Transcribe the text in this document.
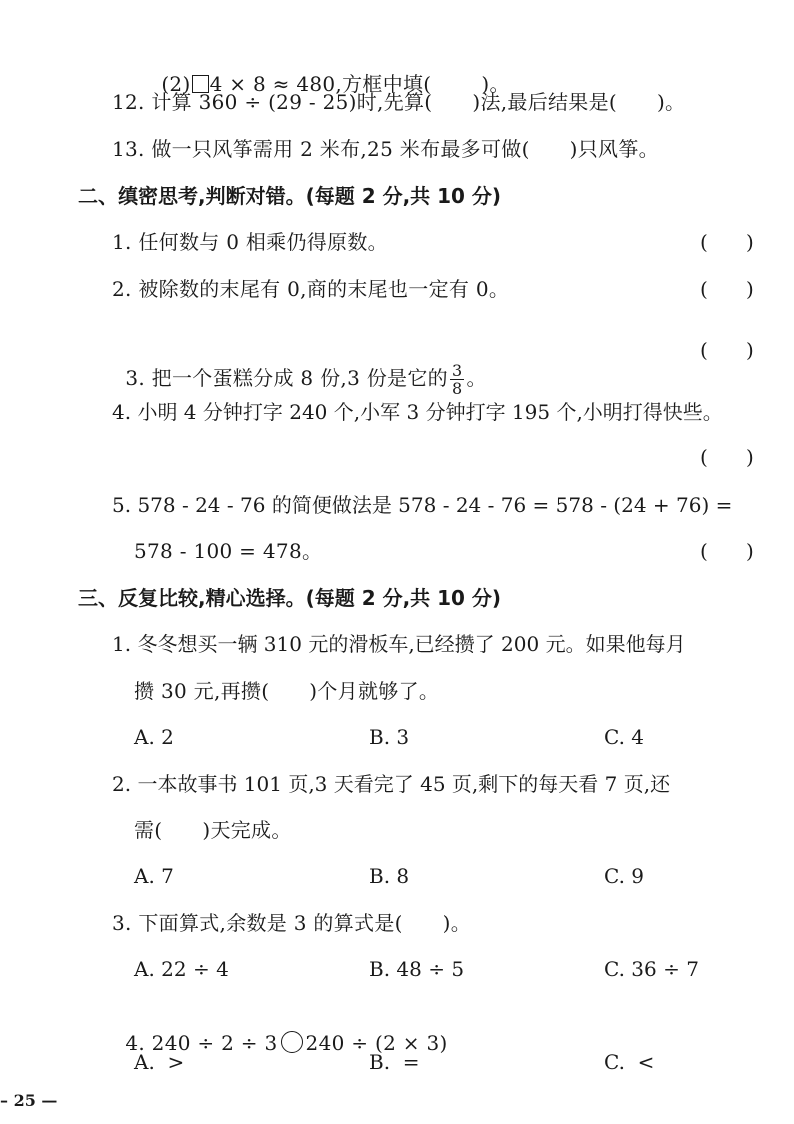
(2) 4 × 8 ≈ 480,方框中填(	)。

12. 计算 360 ÷ (29 - 25)时,先算(      )法,最后结果是(      )。
13. 做一只风筝需用 2 米布,25 米布最多可做(      )只风筝。
二、缜密思考,判断对错。(每题 2 分,共 10 分)
1. 任何数与 0 相乘仍得原数。	(      )
2. 被除数的末尾有 0,商的末尾也一定有 0。	(      )

3. 把一个蛋糕分成 8 份,3 份是它的 $\frac{3}{8}$ 。

(      )
4. 小明 4 分钟打字 240 个,小军 3 分钟打字 195 个,小明打得快些。
(      )
5. 578 - 24 - 76 的简便做法是 578 - 24 - 76 = 578 - (24 + 76) =
578 - 100 = 478。	(      )
三、反复比较,精心选择。(每题 2 分,共 10 分)
1. 冬冬想买一辆 310 元的滑板车,已经攒了 200 元。如果他每月
攒 30 元,再攒(      )个月就够了。
A. 2	B. 3	C. 4
2. 一本故事书 101 页,3 天看完了 45 页,剩下的每天看 7 页,还
需(      )天完成。
A. 7	B. 8	C. 9
3. 下面算式,余数是 3 的算式是(      )。
A. 22 ÷ 4	B. 48 ÷ 5	C. 36 ÷ 7

4. 240 ÷ 2 ÷ 3 240 ÷ (2 × 3)

A.  >	B.  =	C.  <
– 25 —
